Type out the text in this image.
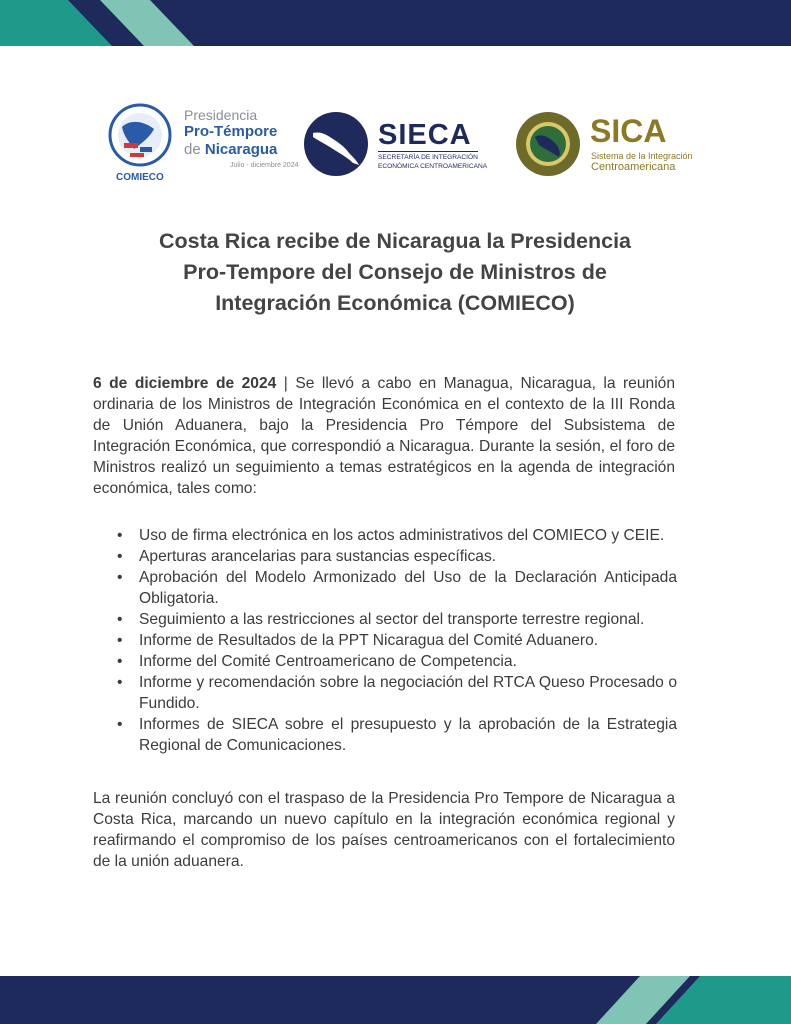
COMIECO
Presidencia
Pro-Témpore
de Nicaragua
Julio - diciembre 2024
SIECA
SECRETARÍA DE INTEGRACIÓN
ECONÓMICA CENTROAMERICANA
SICA
Sistema de la Integración
Centroamericana
Costa Rica recibe de Nicaragua la Presidencia
Pro-Tempore del Consejo de Ministros de
Integración Económica (COMIECO)
6 de diciembre de 2024 | Se llevó a cabo en Managua, Nicaragua, la reunión ordinaria de los Ministros de Integración Económica en el contexto de la III Ronda de Unión Aduanera, bajo la Presidencia Pro Témpore del Subsistema de Integración Económica, que correspondió a Nicaragua. Durante la sesión, el foro de Ministros realizó un seguimiento a temas estratégicos en la agenda de integración económica, tales como:
• Uso de firma electrónica en los actos administrativos del COMIECO y CEIE.
• Aperturas arancelarias para sustancias específicas.
• Aprobación del Modelo Armonizado del Uso de la Declaración Anticipada Obligatoria.
• Seguimiento a las restricciones al sector del transporte terrestre regional.
• Informe de Resultados de la PPT Nicaragua del Comité Aduanero.
• Informe del Comité Centroamericano de Competencia.
• Informe y recomendación sobre la negociación del RTCA Queso Procesado o Fundido.
• Informes de SIECA sobre el presupuesto y la aprobación de la Estrategia Regional de Comunicaciones.
La reunión concluyó con el traspaso de la Presidencia Pro Tempore de Nicaragua a Costa Rica, marcando un nuevo capítulo en la integración económica regional y reafirmando el compromiso de los países centroamericanos con el fortalecimiento de la unión aduanera.
